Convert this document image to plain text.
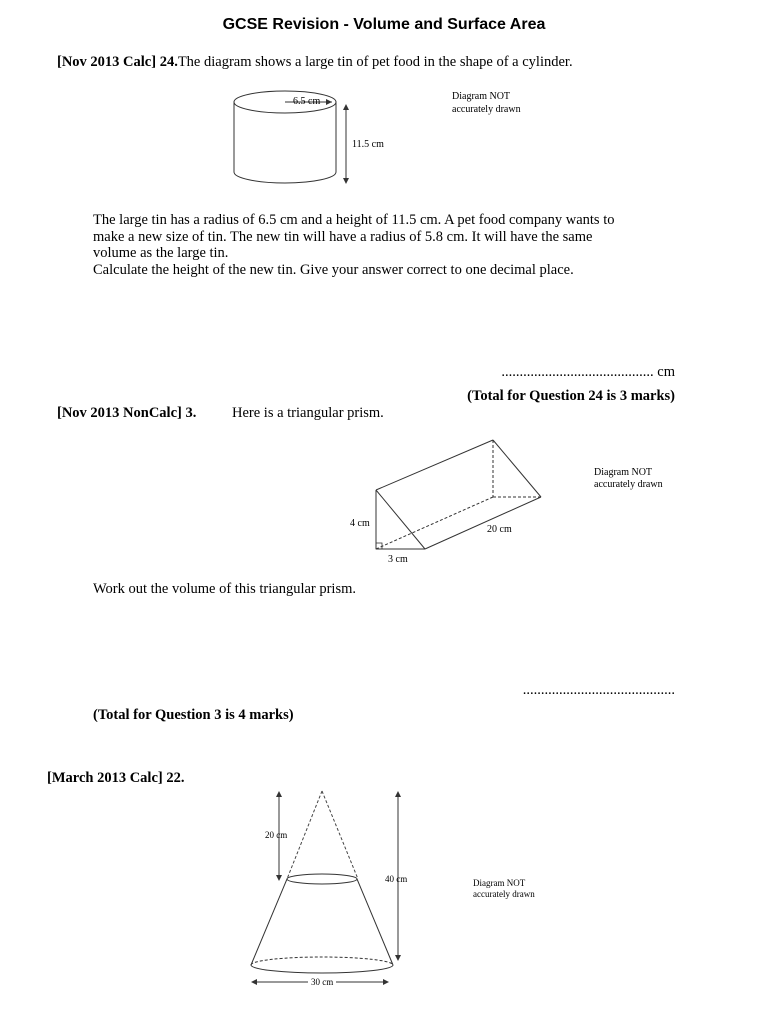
GCSE Revision - Volume and Surface Area
[Nov 2013 Calc] 24.The diagram shows a large tin of pet food in the shape of a cylinder.
6.5 cm
11.5 cm
Diagram NOT
accurately drawn
The large tin has a radius of 6.5 cm and a height of 11.5 cm. A pet food company wants to
make a new size of tin. The new tin will have a radius of 5.8 cm. It will have the same
volume as the large tin.
Calculate the height of the new tin. Give your answer correct to one decimal place.
.......................................... cm
(Total for Question 24 is 3 marks)
[Nov 2013 NonCalc] 3. Here is a triangular prism.
4 cm
3 cm
20 cm
Diagram NOT
accurately drawn
Work out the volume of this triangular prism.
..........................................
(Total for Question 3 is 4 marks)
[March 2013 Calc] 22.
20 cm
40 cm
30 cm
Diagram NOT
accurately drawn
